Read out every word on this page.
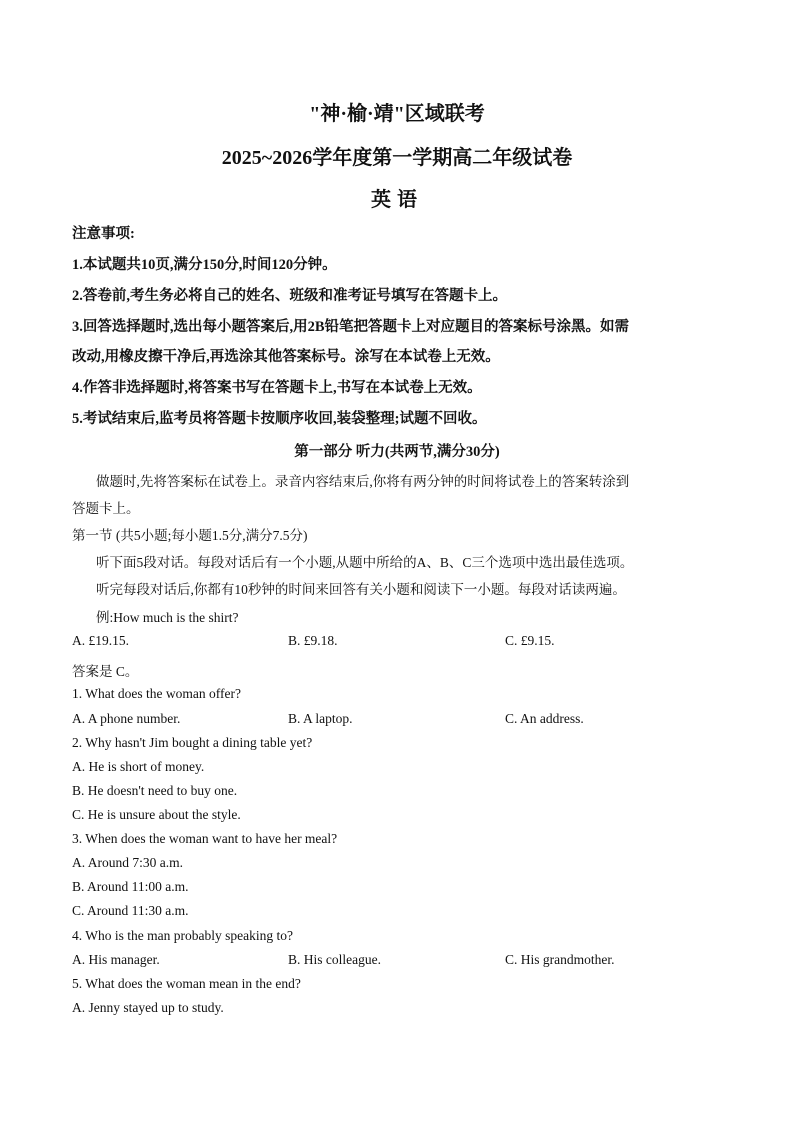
"神·榆·靖"区域联考
2025~2026学年度第一学期高二年级试卷
英语
注意事项:
1.本试题共10页,满分150分,时间120分钟。
2.答卷前,考生务必将自己的姓名、班级和准考证号填写在答题卡上。
3.回答选择题时,选出每小题答案后,用2B铅笔把答题卡上对应题目的答案标号涂黑。如需
改动,用橡皮擦干净后,再选涂其他答案标号。涂写在本试卷上无效。
4.作答非选择题时,将答案书写在答题卡上,书写在本试卷上无效。
5.考试结束后,监考员将答题卡按顺序收回,装袋整理;试题不回收。
第一部分 听力(共两节,满分30分)
做题时,先将答案标在试卷上。录音内容结束后,你将有两分钟的时间将试卷上的答案转涂到
答题卡上。
第一节 (共5小题;每小题1.5分,满分7.5分)
听下面5段对话。每段对话后有一个小题,从题中所给的A、B、C三个选项中选出最佳选项。
听完每段对话后,你都有10秒钟的时间来回答有关小题和阅读下一小题。每段对话读两遍。
例:How much is the shirt?
A. £19.15.	B. £9.18.	C. £9.15.
答案是 C。
1. What does the woman offer?
A. A phone number.	B. A laptop.	C. An address.
2. Why hasn't Jim bought a dining table yet?
A. He is short of money.
B. He doesn't need to buy one.
C. He is unsure about the style.
3. When does the woman want to have her meal?
A. Around 7:30 a.m.
B. Around 11:00 a.m.
C. Around 11:30 a.m.
4. Who is the man probably speaking to?
A. His manager.	B. His colleague.	C. His grandmother.
5. What does the woman mean in the end?
A. Jenny stayed up to study.
